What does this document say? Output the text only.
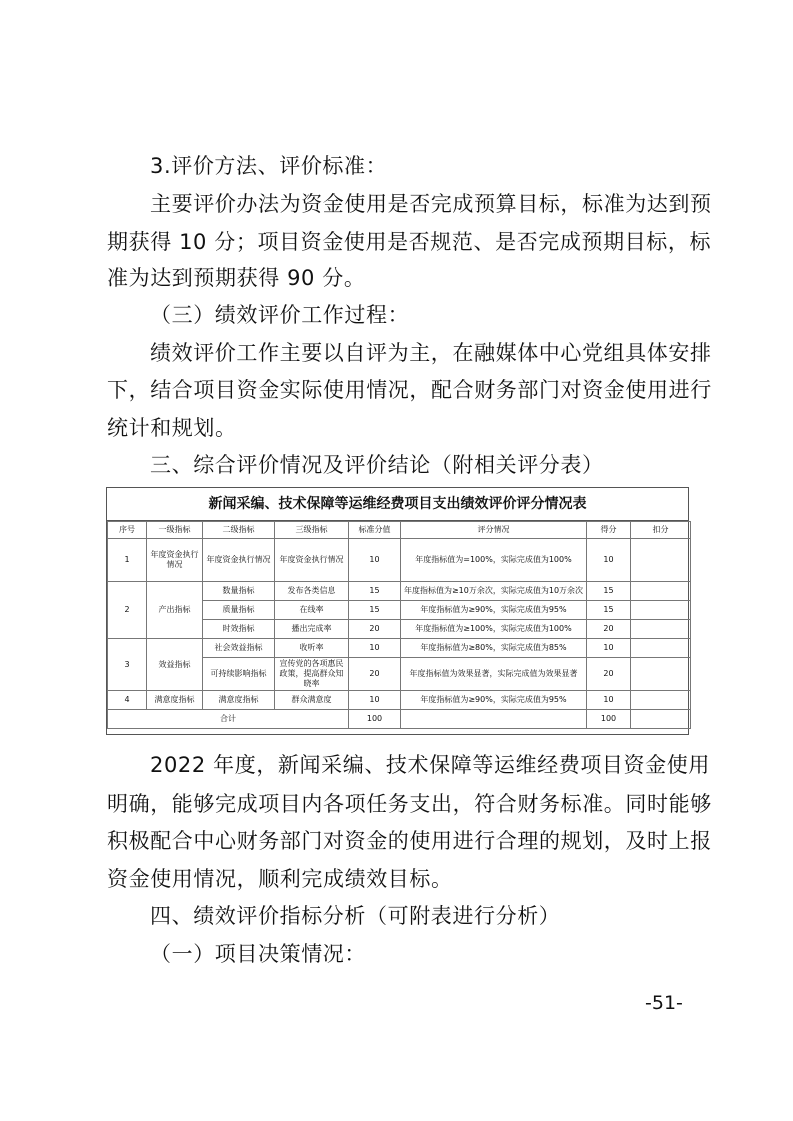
3.评价方法、评价标准：
主要评价办法为资金使用是否完成预算目标，标准为达到预
期获得 10 分；项目资金使用是否规范、是否完成预期目标，标
准为达到预期获得 90 分。
（三）绩效评价工作过程：
绩效评价工作主要以自评为主，在融媒体中心党组具体安排
下，结合项目资金实际使用情况，配合财务部门对资金使用进行
统计和规划。
三、综合评价情况及评价结论（附相关评分表）
新闻采编、技术保障等运维经费项目支出绩效评价评分情况表
序号	一级指标	二级指标	三级指标	标准分值	评分情况	得分	扣分
1	年度资金执行情况	年度资金执行情况	年度资金执行情况	10	年度指标值为=100%，实际完成值为100%	10	
2	产出指标	数量指标	发布各类信息	15	年度指标值为≥10万余次，实际完成值为10万余次	15	
		质量指标	在线率	15	年度指标值为≥90%，实际完成值为95%	15	
		时效指标	播出完成率	20	年度指标值为≥100%，实际完成值为100%	20	
3	效益指标	社会效益指标	收听率	10	年度指标值为≥80%，实际完成值为85%	10	
		可持续影响指标	宣传党的各项惠民政策，提高群众知晓率	20	年度指标值为效果显著，实际完成值为效果显著	20	
4	满意度指标	满意度指标	群众满意度	10	年度指标值为≥90%，实际完成值为95%	10	
合计				100		100	
2022 年度，新闻采编、技术保障等运维经费项目资金使用
明确，能够完成项目内各项任务支出，符合财务标准。同时能够
积极配合中心财务部门对资金的使用进行合理的规划，及时上报
资金使用情况，顺利完成绩效目标。
四、绩效评价指标分析（可附表进行分析）
（一）项目决策情况：
-51-
